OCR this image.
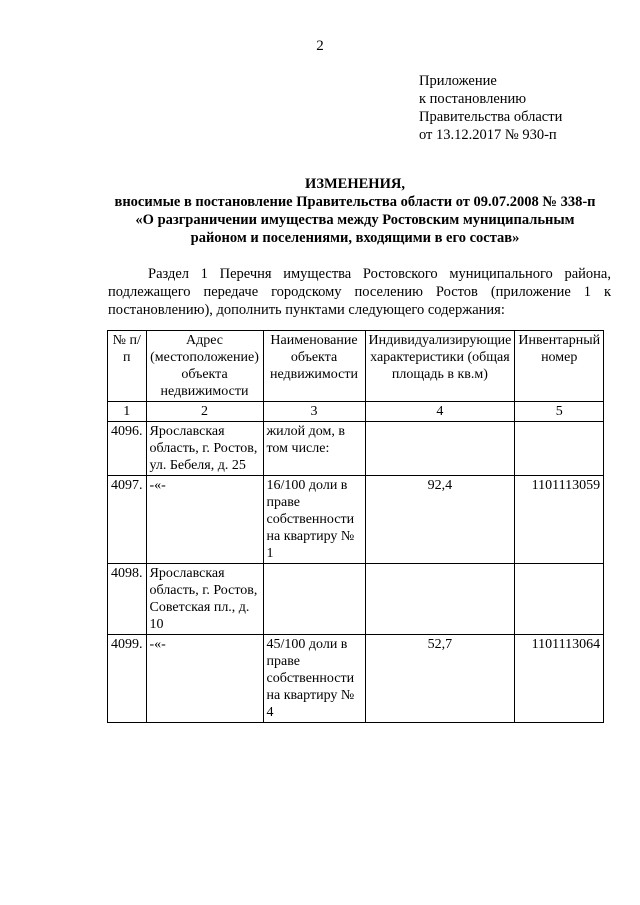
2
Приложение
к постановлению
Правительства области
от 13.12.2017 № 930-п
ИЗМЕНЕНИЯ,
вносимые в постановление Правительства области от 09.07.2008 № 338-п
«О разграничении имущества между Ростовским муниципальным
районом и поселениями, входящими в его состав»
Раздел 1 Перечня имущества Ростовского муниципального района, подлежащего передаче городскому поселению Ростов (приложение 1 к постановлению), дополнить пунктами следующего содержания:
№ п/п	Адрес (местоположение) объекта недвижимости	Наименование объекта недвижимости	Индивидуализирующие характеристики (общая площадь в кв.м)	Инвентарный номер
1	2	3	4	5
4096.	Ярославская область, г. Ростов, ул. Бебеля, д. 25	жилой дом, в том числе:		
4097.	-«-	16/100 доли в праве собственности на квартиру № 1	92,4	1101113059
4098.	Ярославская область, г. Ростов, Советская пл., д. 10			
4099.	-«-	45/100 доли в праве собственности на квартиру № 4	52,7	1101113064
